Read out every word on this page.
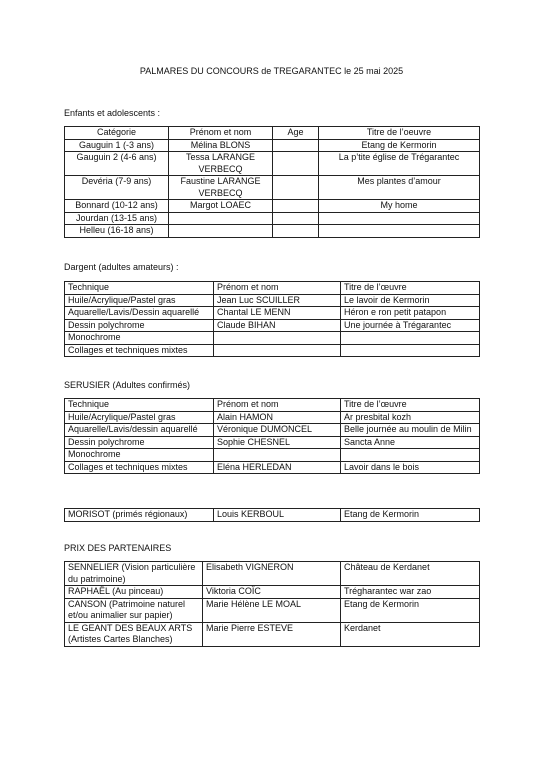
PALMARES DU CONCOURS de TREGARANTEC le 25 mai 2025
Enfants et adolescents :
Catégorie	Prénom et nom	Age	Titre de l’oeuvre
Gauguin 1 (-3 ans)	Mélina BLONS		Etang de Kermorin
Gauguin 2 (4-6 ans)	Tessa LARANGE VERBECQ		La p’tite église de Trégarantec
Devéria (7-9 ans)	Faustine LARANGE VERBECQ		Mes plantes d’amour
Bonnard (10-12 ans)	Margot LOAEC		My home
Jourdan (13-15 ans)			
Helleu (16-18 ans)			
Dargent (adultes amateurs) :
Technique	Prénom et nom	Titre de l’œuvre
Huile/Acrylique/Pastel gras	Jean Luc SCUILLER	Le lavoir de Kermorin
Aquarelle/Lavis/Dessin aquarellé	Chantal LE MENN	Héron e ron petit patapon
Dessin polychrome	Claude BIHAN	Une journée à Trégarantec
Monochrome		
Collages et techniques mixtes		
SERUSIER (Adultes confirmés)
Technique	Prénom et nom	Titre de l’œuvre
Huile/Acrylique/Pastel gras	Alain HAMON	Ar presbital kozh
Aquarelle/Lavis/dessin aquarellé	Véronique DUMONCEL	Belle journée au moulin de Milin
Dessin polychrome	Sophie CHESNEL	Sancta Anne
Monochrome		
Collages et techniques mixtes	Eléna HERLEDAN	Lavoir dans le bois
MORISOT (primés régionaux)	Louis KERBOUL	Etang de Kermorin
PRIX DES PARTENAIRES
SENNELIER (Vision particulière du patrimoine)	Elisabeth VIGNERON	Château de Kerdanet
RAPHAËL (Au pinceau)	Viktoria COÏC	Trégharantec war zao
CANSON (Patrimoine naturel et/ou animalier sur papier)	Marie Hélène LE MOAL	Etang de Kermorin
LE GEANT DES BEAUX ARTS (Artistes Cartes Blanches)	Marie Pierre ESTEVE	Kerdanet
